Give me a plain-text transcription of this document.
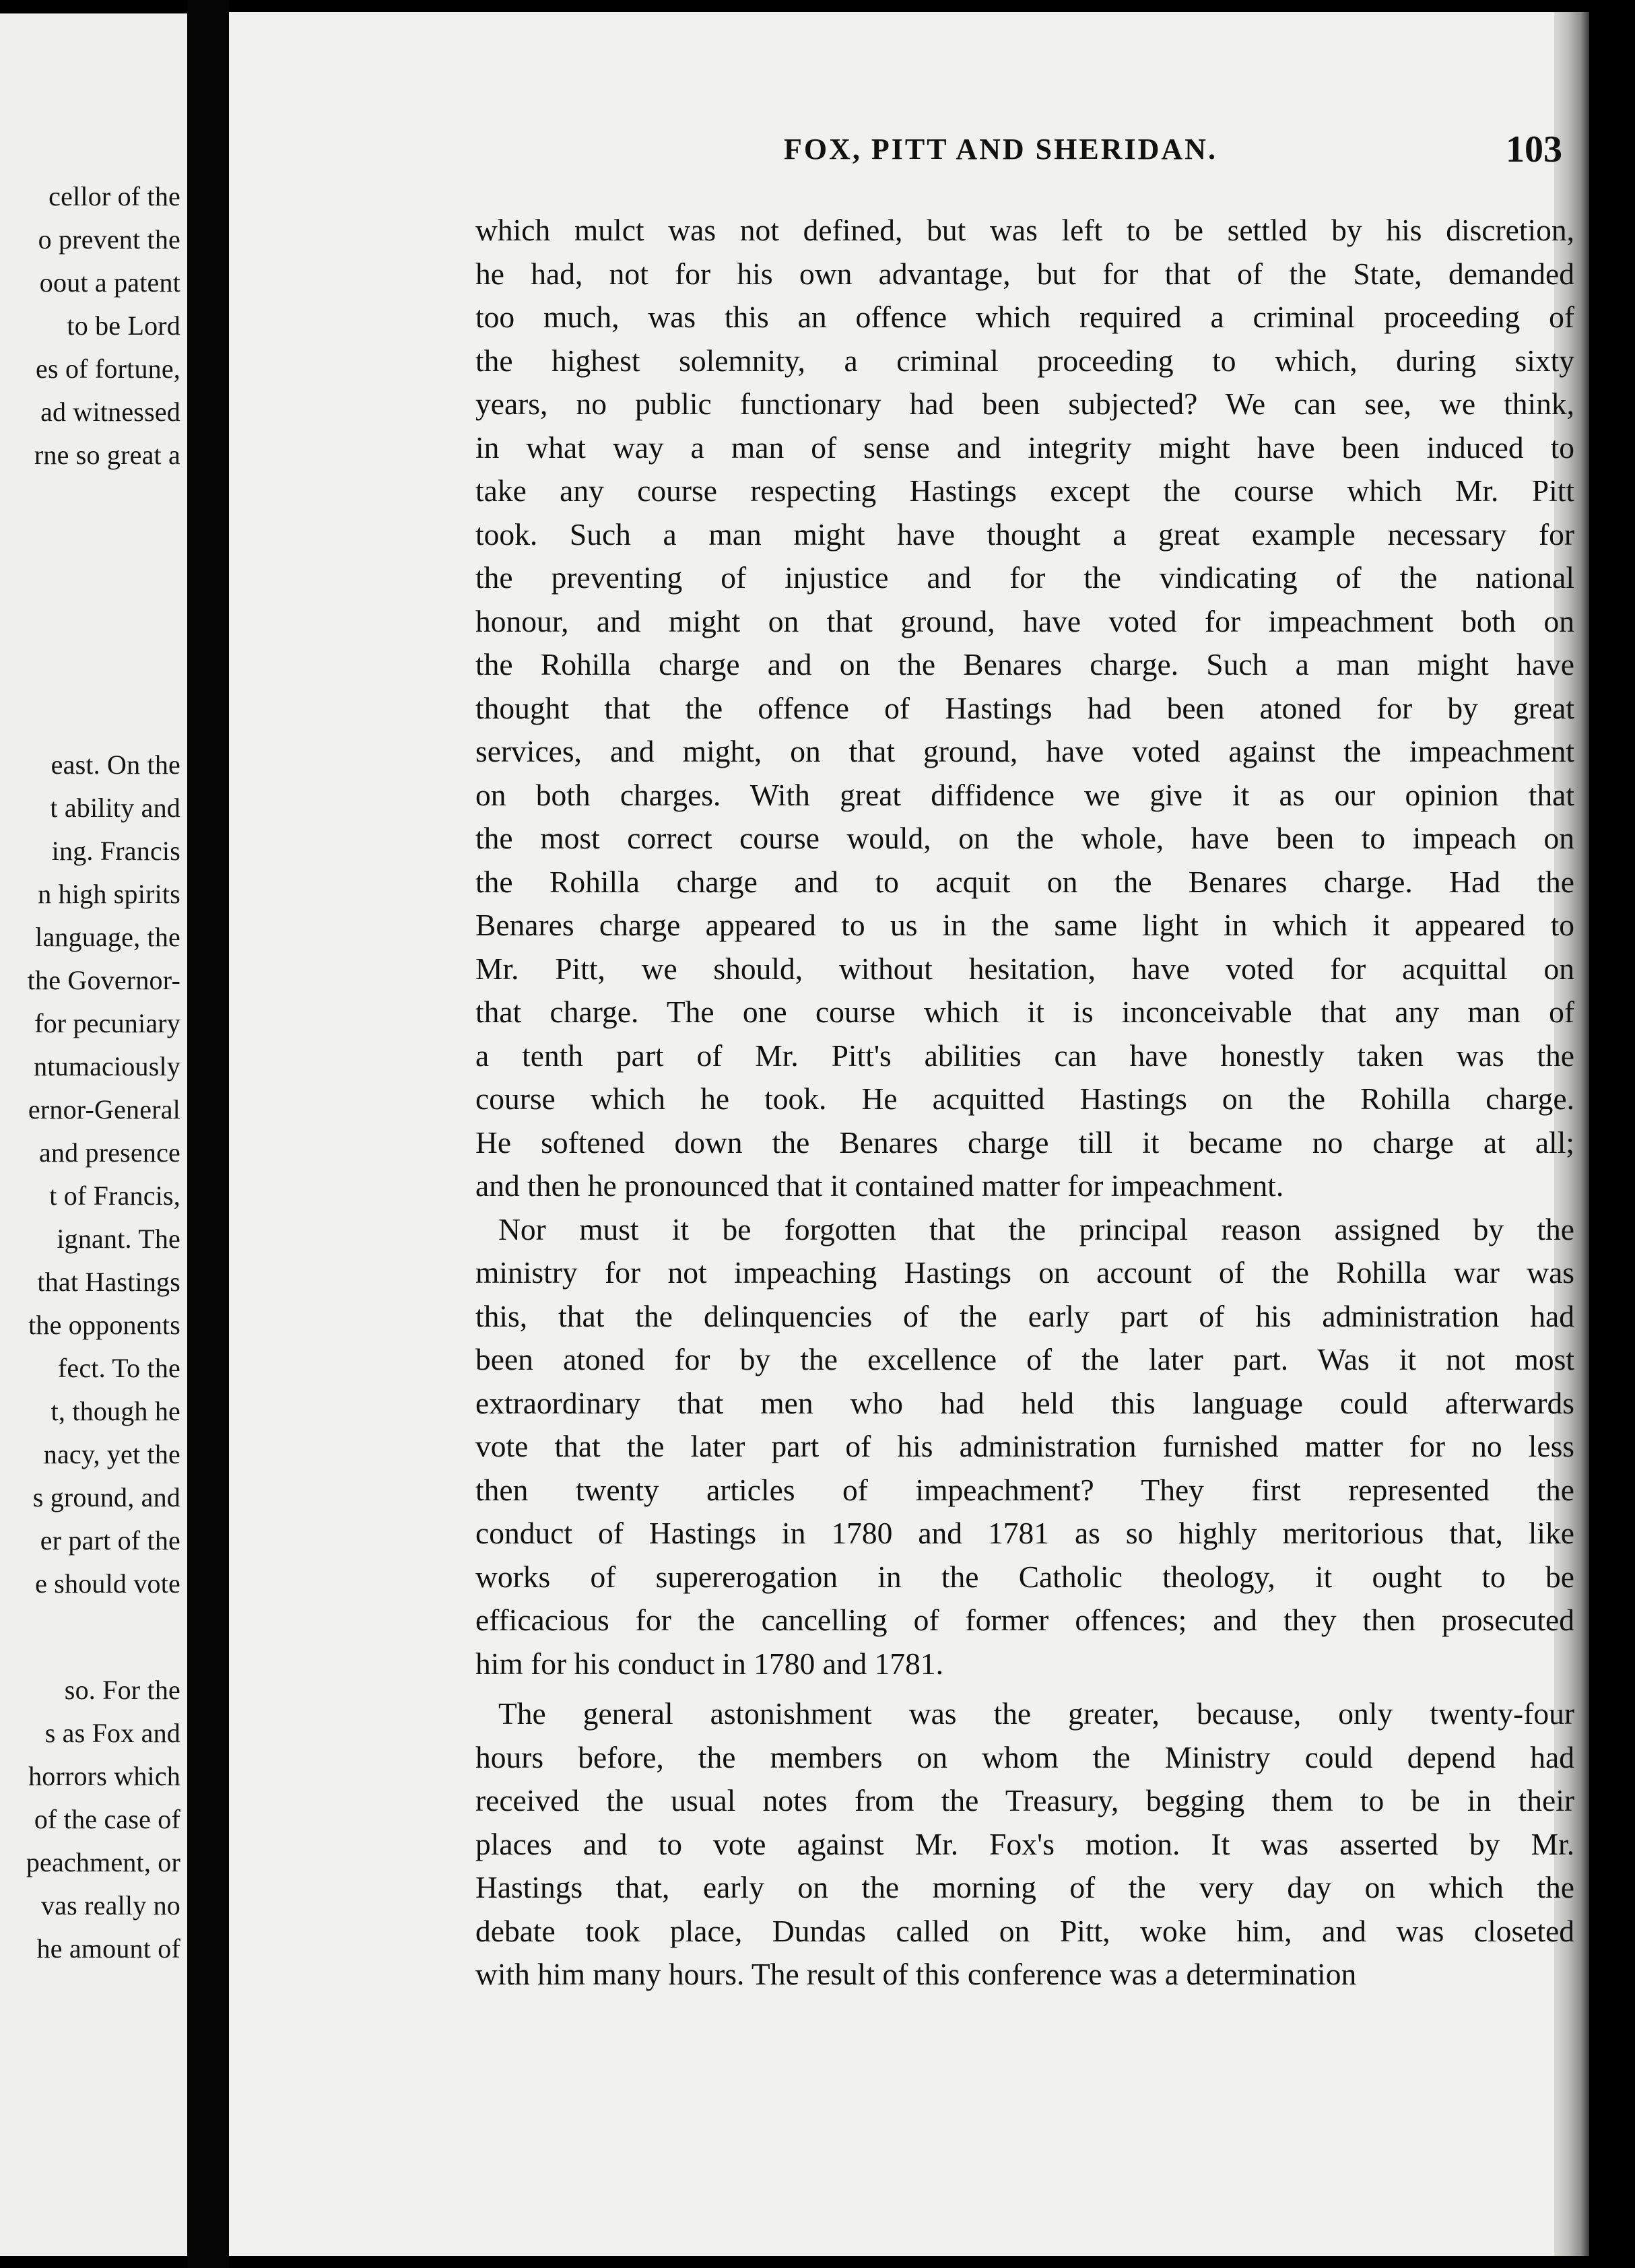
cellor of the
o prevent the
oout a patent
to be Lord
es of fortune,
ad witnessed
rne so great a
east. On the
t ability and
ing. Francis
n high spirits
language, the
the Governor-
for pecuniary
ntumaciously
ernor-General
and presence
t of Francis,
ignant. The
that Hastings
the opponents
fect. To the
t, though he
nacy, yet the
s ground, and
er part of the
e should vote
so. For the
s as Fox and
horrors which
of the case of
peachment, or
vas really no
he amount of
FOX, PITT AND SHERIDAN.	103
which mulct was not defined, but was left to be settled by his discretion,
he had, not for his own advantage, but for that of the State, demanded
too much, was this an offence which required a criminal proceeding of
the highest solemnity, a criminal proceeding to which, during sixty
years, no public functionary had been subjected? We can see, we think,
in what way a man of sense and integrity might have been induced to
take any course respecting Hastings except the course which Mr. Pitt
took. Such a man might have thought a great example necessary for
the preventing of injustice and for the vindicating of the national
honour, and might on that ground, have voted for impeachment both on
the Rohilla charge and on the Benares charge. Such a man might have
thought that the offence of Hastings had been atoned for by great
services, and might, on that ground, have voted against the impeachment
on both charges. With great diffidence we give it as our opinion that
the most correct course would, on the whole, have been to impeach on
the Rohilla charge and to acquit on the Benares charge. Had the
Benares charge appeared to us in the same light in which it appeared to
Mr. Pitt, we should, without hesitation, have voted for acquittal on
that charge. The one course which it is inconceivable that any man of
a tenth part of Mr. Pitt's abilities can have honestly taken was the
course which he took. He acquitted Hastings on the Rohilla charge.
He softened down the Benares charge till it became no charge at all;
and then he pronounced that it contained matter for impeachment.
Nor must it be forgotten that the principal reason assigned by the
ministry for not impeaching Hastings on account of the Rohilla war was
this, that the delinquencies of the early part of his administration had
been atoned for by the excellence of the later part. Was it not most
extraordinary that men who had held this language could afterwards
vote that the later part of his administration furnished matter for no less
then twenty articles of impeachment? They first represented the
conduct of Hastings in 1780 and 1781 as so highly meritorious that, like
works of supererogation in the Catholic theology, it ought to be
efficacious for the cancelling of former offences; and they then prosecuted
him for his conduct in 1780 and 1781.
The general astonishment was the greater, because, only twenty-four
hours before, the members on whom the Ministry could depend had
received the usual notes from the Treasury, begging them to be in their
places and to vote against Mr. Fox's motion. It was asserted by Mr.
Hastings that, early on the morning of the very day on which the
debate took place, Dundas called on Pitt, woke him, and was closeted
with him many hours. The result of this conference was a determination
